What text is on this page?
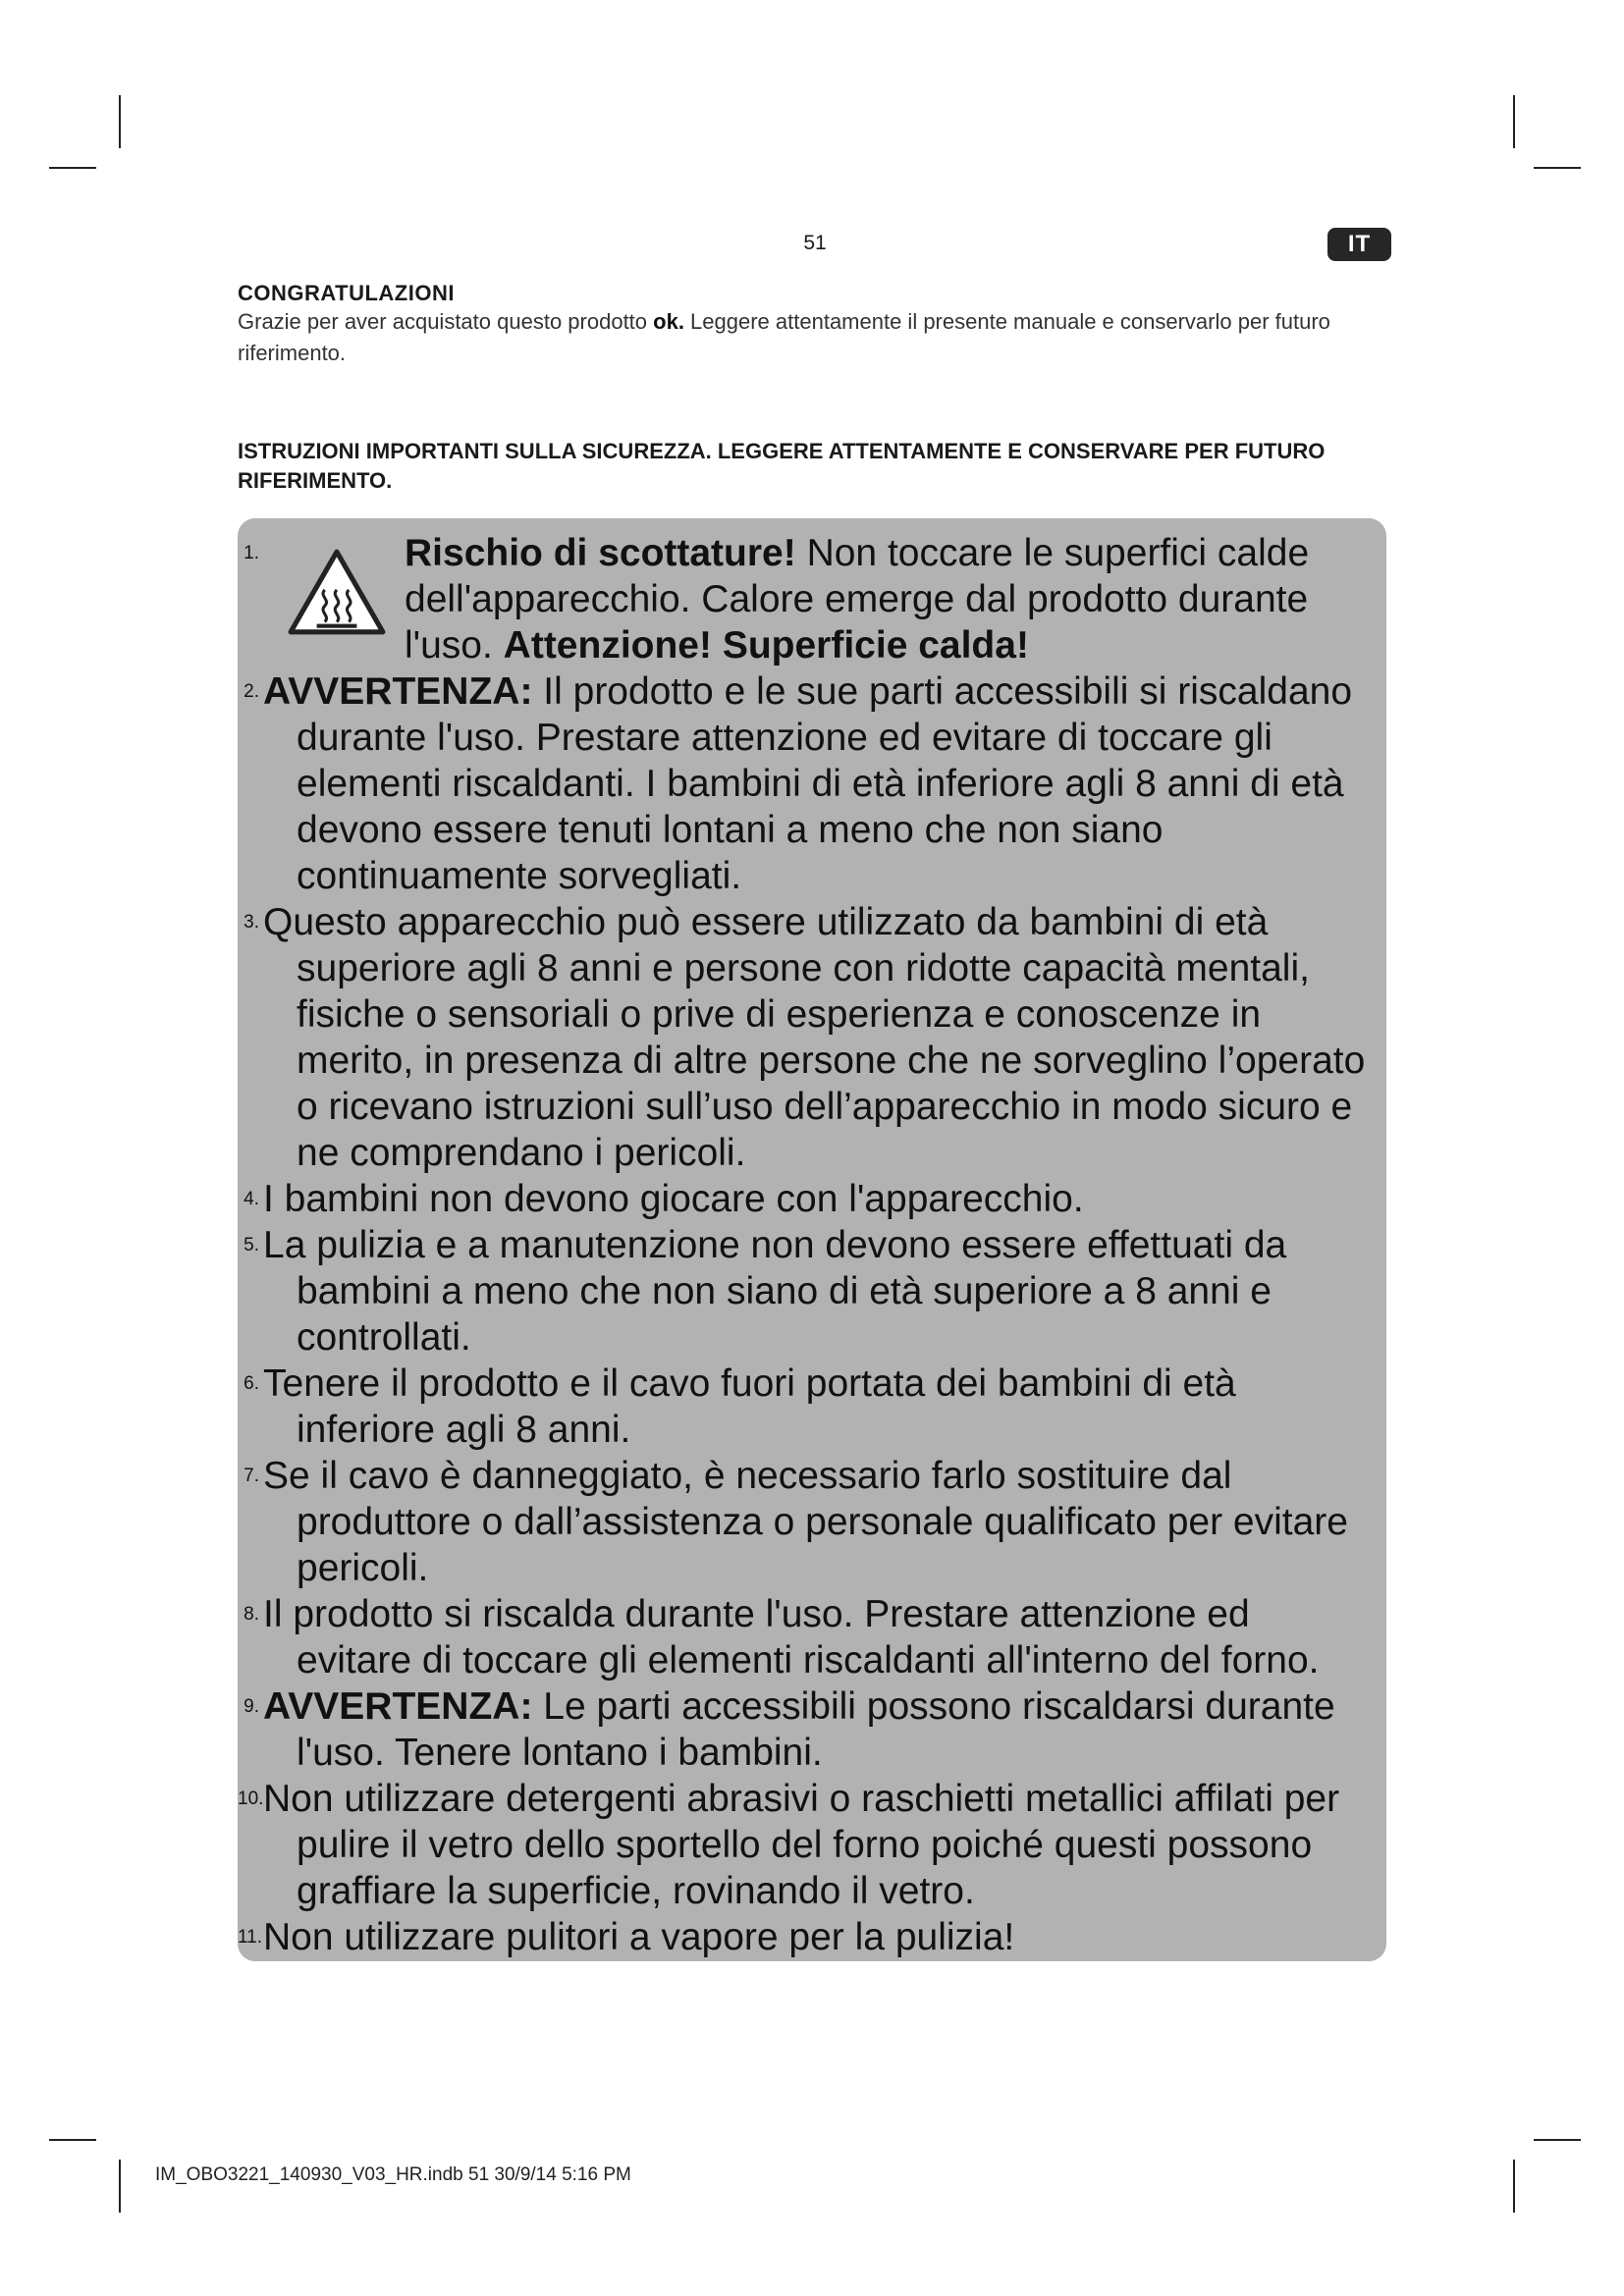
51	IT
CONGRATULAZIONI
Grazie per aver acquistato questo prodotto ok. Leggere attentamente il presente manuale e conservarlo per futuro riferimento.
ISTRUZIONI IMPORTANTI SULLA SICUREZZA. LEGGERE ATTENTAMENTE E CONSERVARE PER FUTURO RIFERIMENTO.
1.	Rischio di scottature! Non toccare le superfici calde dell'apparecchio. Calore emerge dal prodotto durante l'uso. Attenzione! Superficie calda!
2. AVVERTENZA: Il prodotto e le sue parti accessibili si riscaldano durante l'uso. Prestare attenzione ed evitare di toccare gli elementi riscaldanti. I bambini di età inferiore agli 8 anni di età devono essere tenuti lontani a meno che non siano continuamente sorvegliati.
3. Questo apparecchio può essere utilizzato da bambini di età superiore agli 8 anni e persone con ridotte capacità mentali, fisiche o sensoriali o prive di esperienza e conoscenze in merito, in presenza di altre persone che ne sorveglino l’operato o ricevano istruzioni sull’uso dell’apparecchio in modo sicuro e ne comprendano i pericoli.
4. I bambini non devono giocare con l'apparecchio.
5. La pulizia e a manutenzione non devono essere effettuati da bambini a meno che non siano di età superiore a 8 anni e controllati.
6. Tenere il prodotto e il cavo fuori portata dei bambini di età inferiore agli 8 anni.
7. Se il cavo è danneggiato, è necessario farlo sostituire dal produttore o dall’assistenza o personale qualificato per evitare pericoli.
8. Il prodotto si riscalda durante l'uso. Prestare attenzione ed evitare di toccare gli elementi riscaldanti all'interno del forno.
9. AVVERTENZA: Le parti accessibili possono riscaldarsi durante l'uso. Tenere lontano i bambini.
10. Non utilizzare detergenti abrasivi o raschietti metallici affilati per pulire il vetro dello sportello del forno poiché questi possono graffiare la superficie, rovinando il vetro.
11. Non utilizzare pulitori a vapore per la pulizia!
IM_OBO3221_140930_V03_HR.indb 51 30/9/14 5:16 PM
